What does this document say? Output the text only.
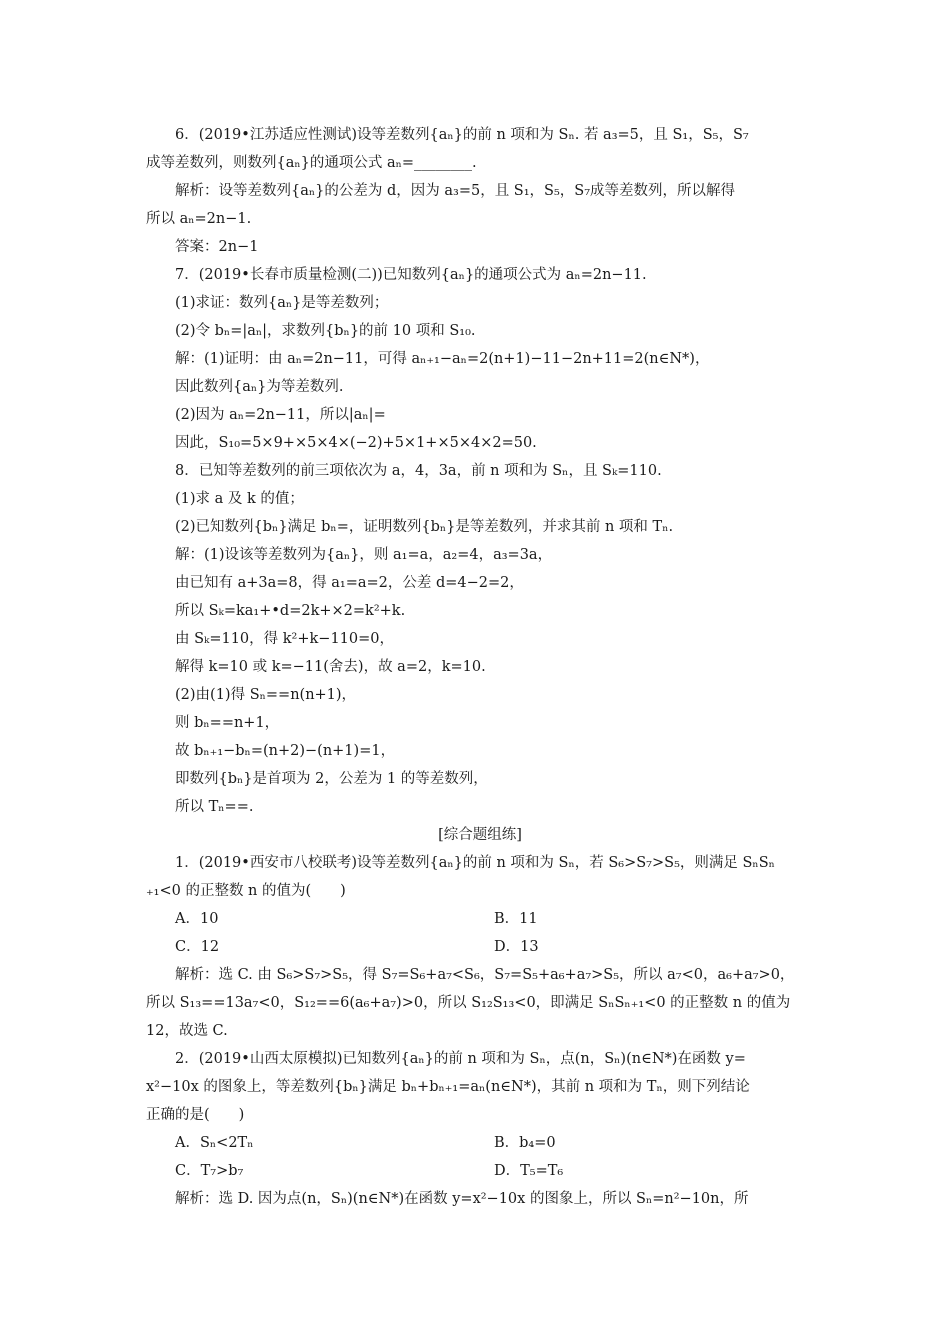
6．(2019•江苏适应性测试)设等差数列{aₙ}的前 n 项和为 Sₙ. 若 a₃=5，且 S₁，S₅，S₇
成等差数列，则数列{aₙ}的通项公式 aₙ=________.
解析：设等差数列{aₙ}的公差为 d，因为 a₃=5，且 S₁，S₅，S₇成等差数列，所以解得
所以 aₙ=2n−1.
答案：2n−1
7．(2019•长春市质量检测(二))已知数列{aₙ}的通项公式为 aₙ=2n−11.
(1)求证：数列{aₙ}是等差数列；
(2)令 bₙ=|aₙ|，求数列{bₙ}的前 10 项和 S₁₀.
解：(1)证明：由 aₙ=2n−11，可得 aₙ₊₁−aₙ=2(n+1)−11−2n+11=2(n∈N*)，
因此数列{aₙ}为等差数列.
(2)因为 aₙ=2n−11，所以|aₙ|=
因此，S₁₀=5×9+×5×4×(−2)+5×1+×5×4×2=50.
8．已知等差数列的前三项依次为 a，4，3a，前 n 项和为 Sₙ，且 Sₖ=110.
(1)求 a 及 k 的值；
(2)已知数列{bₙ}满足 bₙ=，证明数列{bₙ}是等差数列，并求其前 n 项和 Tₙ.
解：(1)设该等差数列为{aₙ}，则 a₁=a，a₂=4，a₃=3a，
由已知有 a+3a=8，得 a₁=a=2，公差 d=4−2=2，
所以 Sₖ=ka₁+•d=2k+×2=k²+k.
由 Sₖ=110，得 k²+k−110=0，
解得 k=10 或 k=−11(舍去)，故 a=2，k=10.
(2)由(1)得 Sₙ==n(n+1)，
则 bₙ==n+1，
故 bₙ₊₁−bₙ=(n+2)−(n+1)=1，
即数列{bₙ}是首项为 2，公差为 1 的等差数列，
所以 Tₙ==.
[综合题组练]
1．(2019•西安市八校联考)设等差数列{aₙ}的前 n 项和为 Sₙ，若 S₆>S₇>S₅，则满足 SₙSₙ
₊₁<0 的正整数 n 的值为(　　)
A．10	B．11
C．12	D．13
解析：选 C. 由 S₆>S₇>S₅，得 S₇=S₆+a₇<S₆，S₇=S₅+a₆+a₇>S₅，所以 a₇<0，a₆+a₇>0，
所以 S₁₃==13a₇<0，S₁₂==6(a₆+a₇)>0，所以 S₁₂S₁₃<0，即满足 SₙSₙ₊₁<0 的正整数 n 的值为
12，故选 C.
2．(2019•山西太原模拟)已知数列{aₙ}的前 n 项和为 Sₙ，点(n，Sₙ)(n∈N*)在函数 y=
x²−10x 的图象上，等差数列{bₙ}满足 bₙ+bₙ₊₁=aₙ(n∈N*)，其前 n 项和为 Tₙ，则下列结论
正确的是(　　)
A．Sₙ<2Tₙ	B．b₄=0
C．T₇>b₇	D．T₅=T₆
解析：选 D. 因为点(n，Sₙ)(n∈N*)在函数 y=x²−10x 的图象上，所以 Sₙ=n²−10n，所
